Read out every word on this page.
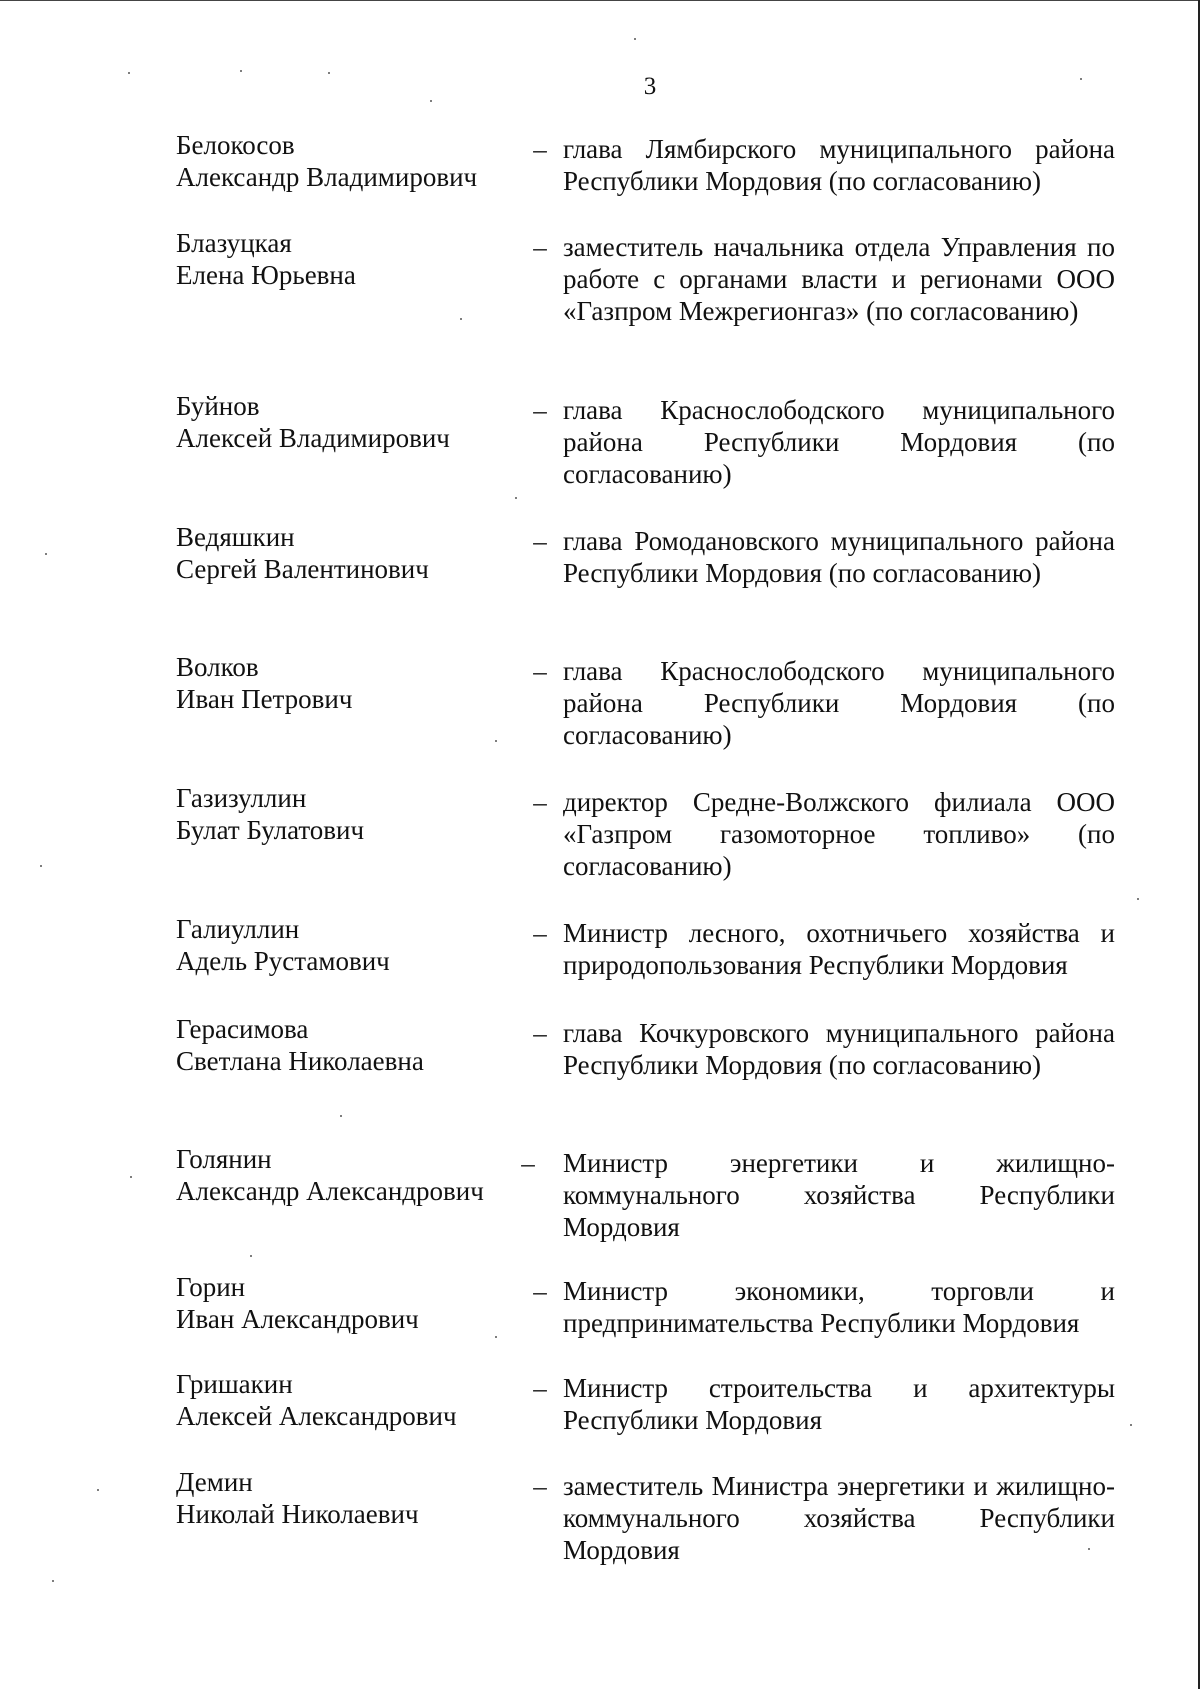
3
Белокосов
Александр Владимирович
– глава Лямбирского муниципального района Республики Мордовия (по согласованию)
Блазуцкая
Елена Юрьевна
– заместитель начальника отдела Управления по работе с органами власти и регионами ООО «Газпром Межрегионгаз» (по согласованию)
Буйнов
Алексей Владимирович
– глава Краснослободского муниципального района Республики Мордовия (по согласованию)
Ведяшкин
Сергей Валентинович
– глава Ромодановского муниципального района Республики Мордовия (по согласованию)
Волков
Иван Петрович
– глава Краснослободского муниципального района Республики Мордовия (по согласованию)
Газизуллин
Булат Булатович
– директор Средне-Волжского филиала ООО «Газпром газомоторное топливо» (по согласованию)
Галиуллин
Адель Рустамович
– Министр лесного, охотничьего хозяйства и природопользования Республики Мордовия
Герасимова
Светлана Николаевна
– глава Кочкуровского муниципального района Республики Мордовия (по согласованию)
Голянин
Александр Александрович
– Министр энергетики и жилищно-коммунального хозяйства Республики Мордовия
Горин
Иван Александрович
– Министр экономики, торговли и предпринимательства Республики Мордовия
Гришакин
Алексей Александрович
– Министр строительства и архитектуры Республики Мордовия
Демин
Николай Николаевич
– заместитель Министра энергетики и жилищно-коммунального хозяйства Республики Мордовия
